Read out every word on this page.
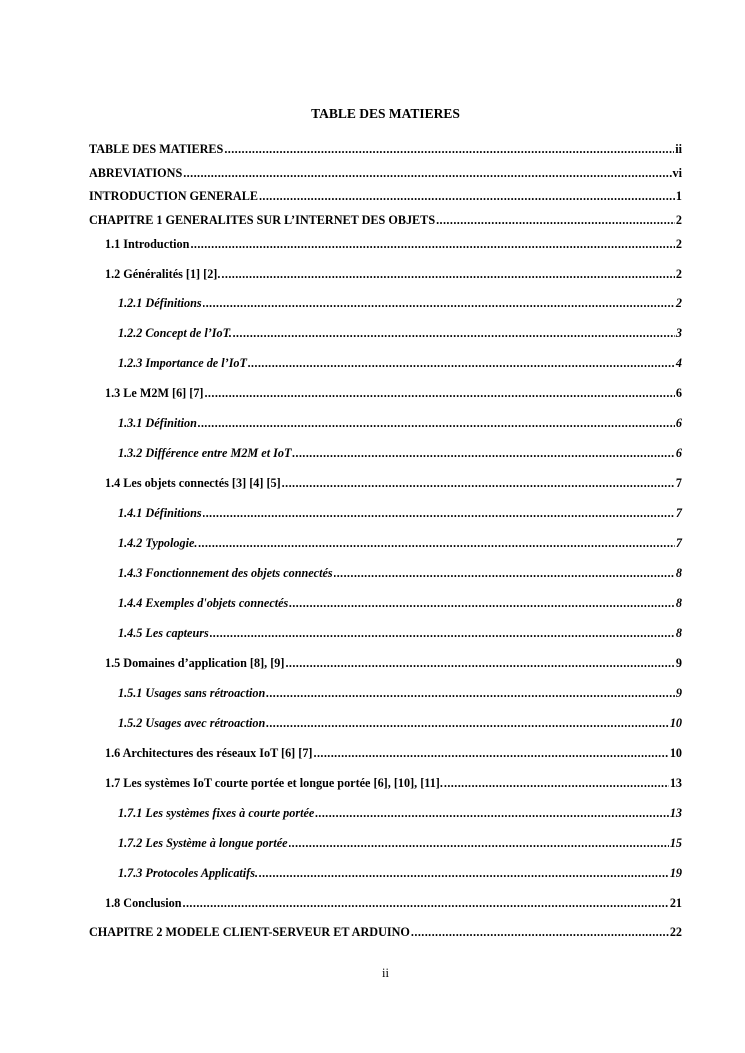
TABLE DES MATIERES
TABLE DES MATIERES .....	ii
ABREVIATIONS .....	vi
INTRODUCTION GENERALE .....	1
CHAPITRE 1 GENERALITES SUR L’INTERNET DES OBJETS .....	2
1.1 Introduction .....	2
1.2 Généralités [1] [2]. .....	2
1.2.1 Définitions .....	2
1.2.2 Concept de l’IoT. .....	3
1.2.3 Importance de l’IoT .....	4
1.3 Le M2M [6] [7] .....	6
1.3.1 Définition .....	6
1.3.2 Différence entre M2M et IoT .....	6
1.4 Les objets connectés [3] [4] [5] .....	7
1.4.1 Définitions .....	7
1.4.2 Typologie. .....	7
1.4.3 Fonctionnement des objets connectés .....	8
1.4.4 Exemples d'objets connectés .....	8
1.4.5 Les capteurs .....	8
1.5 Domaines d’application [8], [9] .....	9
1.5.1 Usages sans rétroaction .....	9
1.5.2 Usages avec rétroaction .....	10
1.6 Architectures des réseaux IoT [6] [7] .....	10
1.7 Les systèmes IoT courte portée et longue portée [6], [10], [11]. .....	13
1.7.1 Les systèmes fixes à courte portée .....	13
1.7.2 Les Système à longue portée .....	15
1.7.3 Protocoles Applicatifs. .....	19
1.8 Conclusion .....	21
CHAPITRE 2 MODELE CLIENT-SERVEUR ET ARDUINO .....	22
ii
